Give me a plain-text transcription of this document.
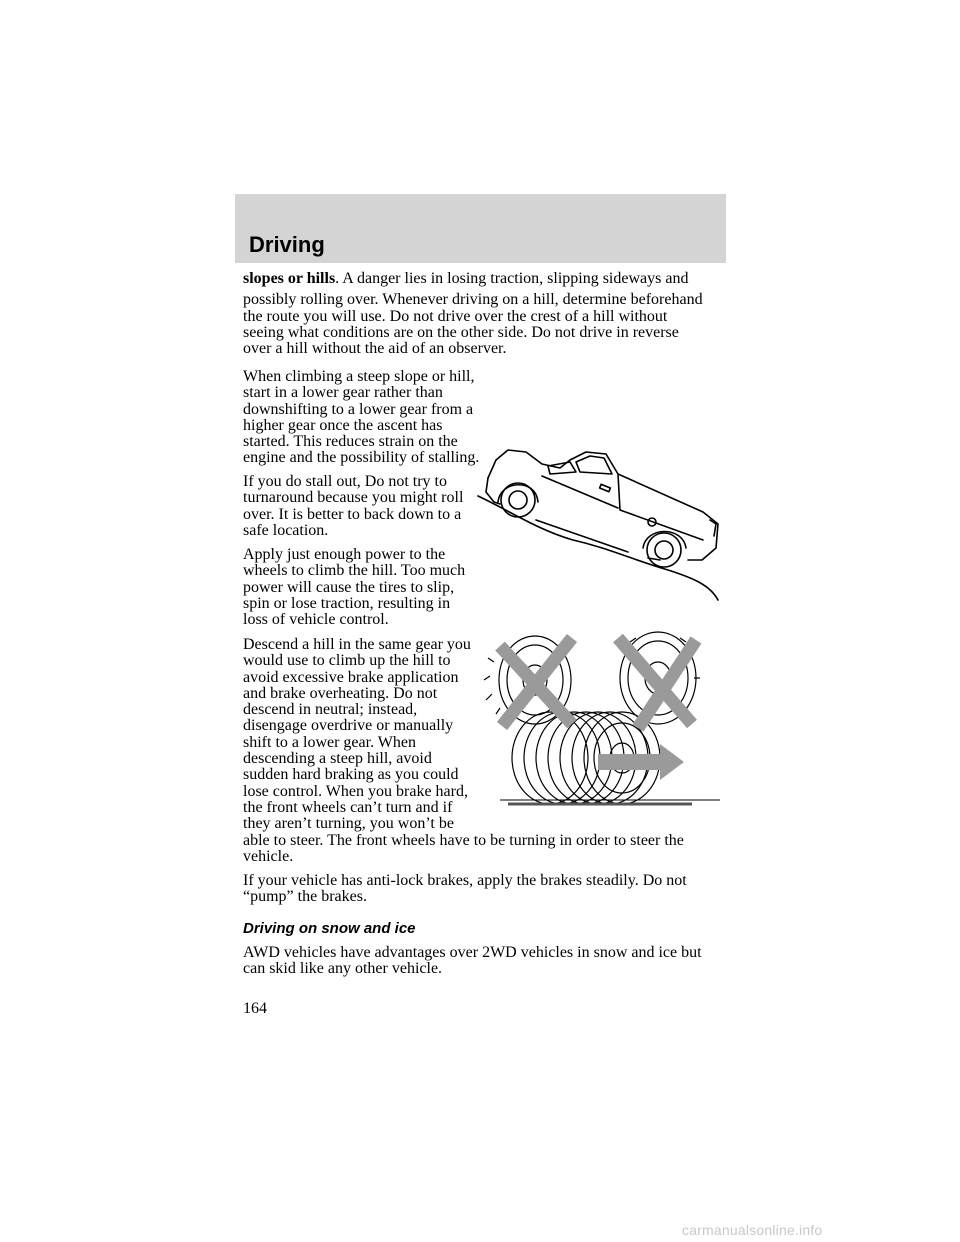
Driving

slopes or hills. A danger lies in losing traction, slipping sideways and

possibly rolling over. Whenever driving on a hill, determine beforehand

the route you will use. Do not drive over the crest of a hill without

seeing what conditions are on the other side. Do not drive in reverse

over a hill without the aid of an observer.

When climbing a steep slope or hill,

start in a lower gear rather than

downshifting to a lower gear from a

higher gear once the ascent has

started. This reduces strain on the

engine and the possibility of stalling.

If you do stall out, Do not try to

turnaround because you might roll

over. It is better to back down to a

safe location.

Apply just enough power to the

wheels to climb the hill. Too much

power will cause the tires to slip,

spin or lose traction, resulting in

loss of vehicle control.

Descend a hill in the same gear you

would use to climb up the hill to

avoid excessive brake application

and brake overheating. Do not

descend in neutral; instead,

disengage overdrive or manually

shift to a lower gear. When

descending a steep hill, avoid

sudden hard braking as you could

lose control. When you brake hard,

the front wheels can’t turn and if

they aren’t turning, you won’t be

able to steer. The front wheels have to be turning in order to steer the

vehicle.

If your vehicle has anti-lock brakes, apply the brakes steadily. Do not

“pump” the brakes.

Driving on snow and ice

AWD vehicles have advantages over 2WD vehicles in snow and ice but

can skid like any other vehicle.

164
carmanualsonline.info
